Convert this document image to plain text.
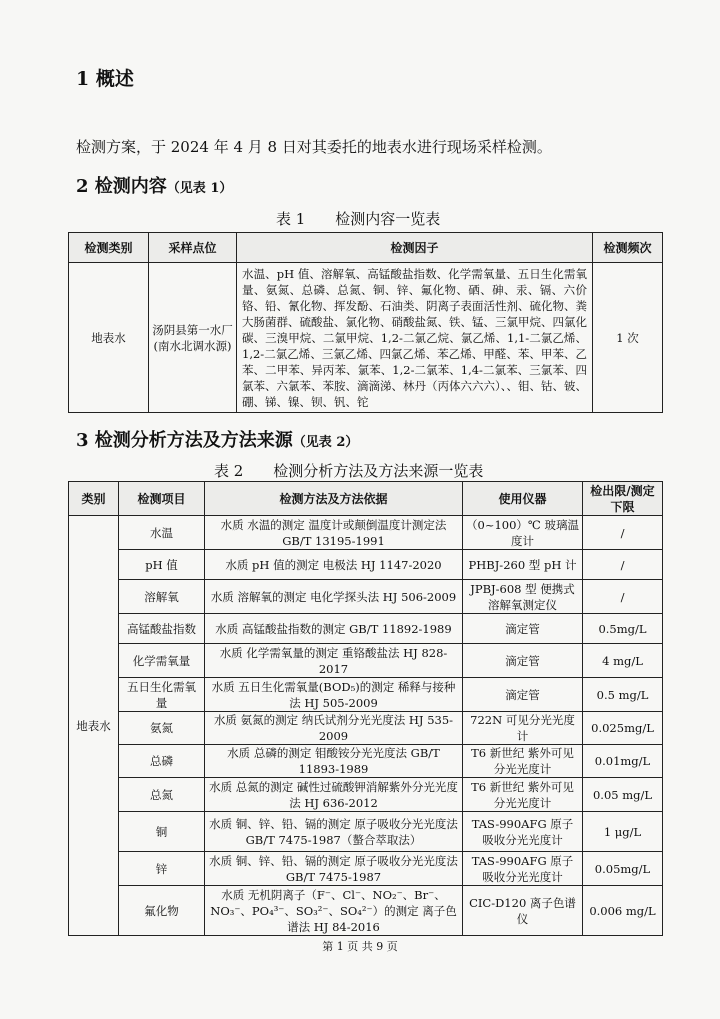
1 概述
检测方案，于 2024 年 4 月 8 日对其委托的地表水进行现场采样检测。
2 检测内容（见表 1）
表 1　　检测内容一览表
检测类别	采样点位	检测因子	检测频次
地表水	汤阴县第一水厂(南水北调水源)	水温、pH 值、溶解氧、高锰酸盐指数、化学需氧量、五日生化需氧量、氨氮、总磷、总氮、铜、锌、氟化物、硒、砷、汞、镉、六价铬、铅、氰化物、挥发酚、石油类、阴离子表面活性剂、硫化物、粪大肠菌群、硫酸盐、氯化物、硝酸盐氮、铁、锰、三氯甲烷、四氯化碳、三溴甲烷、二氯甲烷、1,2-二氯乙烷、氯乙烯、1,1-二氯乙烯、1,2-二氯乙烯、三氯乙烯、四氯乙烯、苯乙烯、甲醛、苯、甲苯、乙苯、二甲苯、异丙苯、氯苯、1,2-二氯苯、1,4-二氯苯、三氯苯、四氯苯、六氯苯、苯胺、滴滴涕、林丹（丙体六六六）、、钼、钴、铍、硼、锑、镍、钡、钒、铊	1 次
3 检测分析方法及方法来源（见表 2）
表 2　　检测分析方法及方法来源一览表
类别	检测项目	检测方法及方法依据	使用仪器	检出限/测定下限
地表水	水温	水质 水温的测定 温度计或颠倒温度计测定法 GB/T 13195-1991	（0~100）℃ 玻璃温度计	/
	pH 值	水质 pH 值的测定 电极法 HJ 1147-2020	PHBJ-260 型 pH 计	/
	溶解氧	水质 溶解氧的测定 电化学探头法 HJ 506-2009	JPBJ-608 型 便携式溶解氧测定仪	/
	高锰酸盐指数	水质 高锰酸盐指数的测定 GB/T 11892-1989	滴定管	0.5mg/L
	化学需氧量	水质 化学需氧量的测定 重铬酸盐法 HJ 828-2017	滴定管	4 mg/L
	五日生化需氧量	水质 五日生化需氧量(BOD₅)的测定 稀释与接种法 HJ 505-2009	滴定管	0.5 mg/L
	氨氮	水质 氨氮的测定 纳氏试剂分光光度法 HJ 535-2009	722N 可见分光光度计	0.025mg/L
	总磷	水质 总磷的测定 钼酸铵分光光度法 GB/T 11893-1989	T6 新世纪 紫外可见分光光度计	0.01mg/L
	总氮	水质 总氮的测定 碱性过硫酸钾消解紫外分光光度法 HJ 636-2012	T6 新世纪 紫外可见分光光度计	0.05 mg/L
	铜	水质 铜、锌、铅、镉的测定 原子吸收分光光度法 GB/T 7475-1987（螯合萃取法）	TAS-990AFG 原子吸收分光光度计	1 μg/L
	锌	水质 铜、锌、铅、镉的测定 原子吸收分光光度法 GB/T 7475-1987	TAS-990AFG 原子吸收分光光度计	0.05mg/L
	氟化物	水质 无机阴离子（F⁻、Cl⁻、NO₂⁻、Br⁻、NO₃⁻、PO₄³⁻、SO₃²⁻、SO₄²⁻）的测定 离子色谱法 HJ 84-2016	CIC-D120 离子色谱仪	0.006 mg/L
第 1 页 共 9 页
